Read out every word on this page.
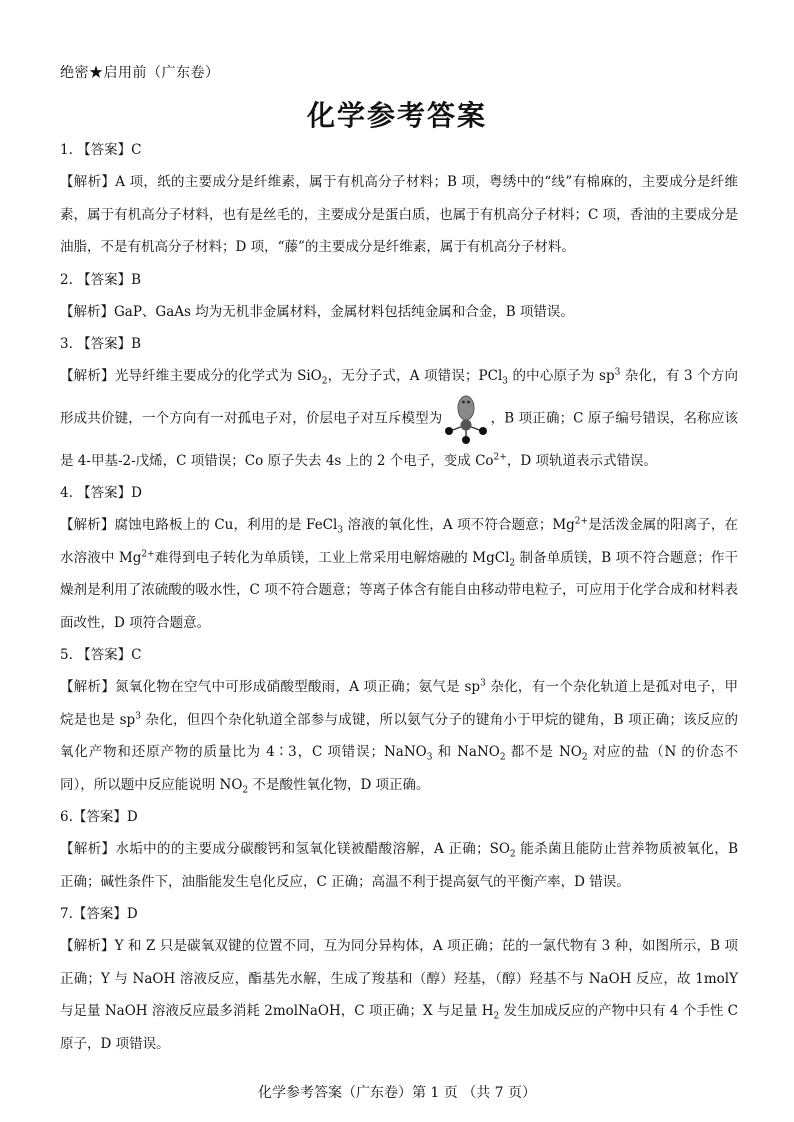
绝密★启用前（广东卷）
化学参考答案
1. 【答案】C
【解析】A 项，纸的主要成分是纤维素，属于有机高分子材料；B 项，粤绣中的“线”有棉麻的，主要成分是纤维素，属于有机高分子材料，也有是丝毛的，主要成分是蛋白质，也属于有机高分子材料；C 项，香油的主要成分是油脂，不是有机高分子材料；D 项，“藤”的主要成分是纤维素，属于有机高分子材料。
2. 【答案】B
【解析】GaP、GaAs 均为无机非金属材料，金属材料包括纯金属和合金，B 项错误。
3. 【答案】B
【解析】光导纤维主要成分的化学式为 SiO$_2$，无分子式，A 项错误；PCl$_3$ 的中心原子为 $sp^3$ 杂化，有 3 个方向形成共价键，一个方向有一对孤电子对，价层电子对互斥模型为	，B 项正确；C 原子编号错误，名称应该是 4-甲基-2-戊烯，C 项错误；Co 原子失去 4s 上的 2 个电子，变成 $Co^{2+}$，D 项轨道表示式错误。
4. 【答案】D
【解析】腐蚀电路板上的 Cu，利用的是 FeCl$_3$ 溶液的氧化性，A 项不符合题意；$Mg^{2+}$是活泼金属的阳离子，在水溶液中 $Mg^{2+}$难得到电子转化为单质镁，工业上常采用电解熔融的 MgCl$_2$ 制备单质镁，B 项不符合题意；作干燥剂是利用了浓硫酸的吸水性，C 项不符合题意；等离子体含有能自由移动带电粒子，可应用于化学合成和材料表面改性，D 项符合题意。
5. 【答案】C
【解析】氮氧化物在空气中可形成硝酸型酸雨，A 项正确；氨气是 $sp^3$ 杂化，有一个杂化轨道上是孤对电子，甲烷是也是 $sp^3$ 杂化，但四个杂化轨道全部参与成键，所以氨气分子的键角小于甲烷的键角，B 项正确；该反应的氧化产物和还原产物的质量比为 4∶3，C 项错误；NaNO$_3$ 和 NaNO$_2$ 都不是 $NO_2$ 对应的盐（N 的价态不同），所以题中反应能说明 $NO_2$ 不是酸性氧化物，D 项正确。
6.【答案】D
【解析】水垢中的的主要成分碳酸钙和氢氧化镁被醋酸溶解，A 正确；$SO_2$ 能杀菌且能防止营养物质被氧化，B 正确；碱性条件下，油脂能发生皂化反应，C 正确；高温不利于提高氨气的平衡产率，D 错误。
7.【答案】D
【解析】Y 和 Z 只是碳氧双键的位置不同，互为同分异构体，A 项正确；芘的一氯代物有 3 种，如图所示，B 项正确；Y 与 NaOH 溶液反应，酯基先水解，生成了羧基和（醇）羟基，（醇）羟基不与 NaOH 反应，故 1molY 与足量 NaOH 溶液反应最多消耗 2molNaOH，C 项正确；X 与足量 $H_2$ 发生加成反应的产物中只有 4 个手性 C 原子，D 项错误。
化学参考答案（广东卷）第 1 页 （共 7 页）
